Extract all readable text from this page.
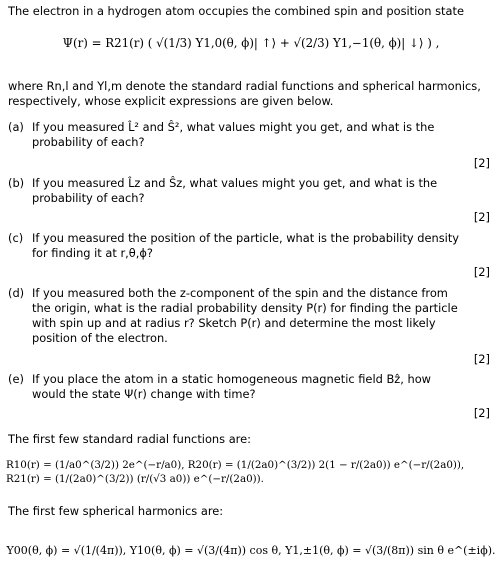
The electron in a hydrogen atom occupies the combined spin and position state
Ψ(r) = R21(r) ( √(1/3) Y1,0(θ, ϕ)| ↑⟩ + √(2/3) Y1,−1(θ, ϕ)| ↓⟩ ) ,
where Rn,l and Yl,m denote the standard radial functions and spherical harmonics, respectively, whose explicit expressions are given below.
(a) If you measured L̂² and Ŝ², what values might you get, and what is the probability of each?
[2]
(b) If you measured L̂z and Ŝz, what values might you get, and what is the probability of each?
[2]
(c) If you measured the position of the particle, what is the probability density for finding it at r,θ,ϕ?
[2]
(d) If you measured both the z-component of the spin and the distance from the origin, what is the radial probability density P(r) for finding the particle with spin up and at radius r? Sketch P(r) and determine the most likely position of the electron.
[2]
(e) If you place the atom in a static homogeneous magnetic field Bẑ, how would the state Ψ(r) change with time?
[2]
The first few standard radial functions are:
R10(r) = (1/a0^(3/2)) 2e^(−r/a0), R20(r) = (1/(2a0)^(3/2)) 2(1 − r/(2a0)) e^(−r/(2a0)), R21(r) = (1/(2a0)^(3/2)) (r/(√3 a0)) e^(−r/(2a0)).
The first few spherical harmonics are:
Y00(θ, ϕ) = √(1/(4π)), Y10(θ, ϕ) = √(3/(4π)) cos θ, Y1,±1(θ, ϕ) = √(3/(8π)) sin θ e^(±iϕ).
